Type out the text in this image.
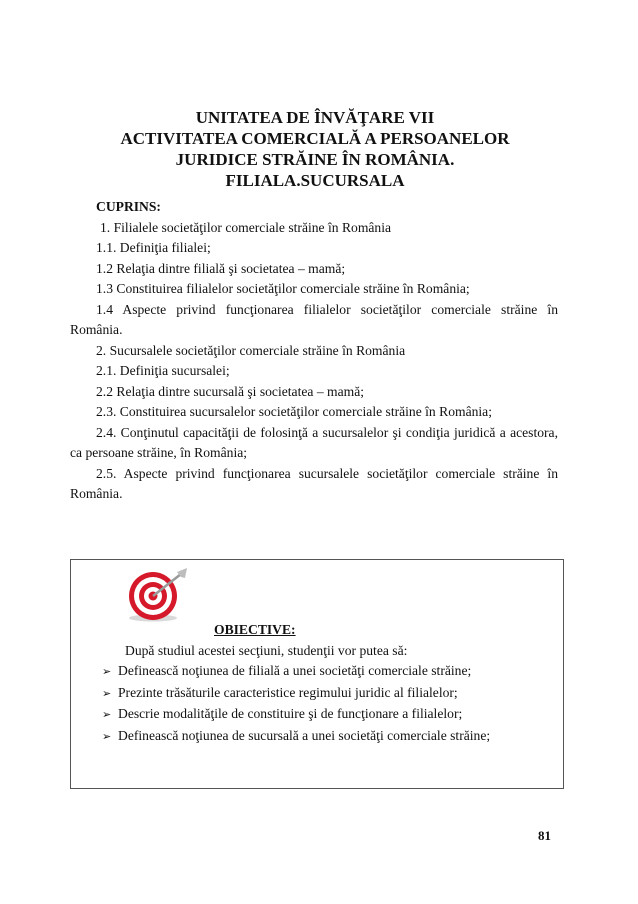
UNITATEA DE ÎNVĂŢARE VII
ACTIVITATEA COMERCIALĂ A PERSOANELOR
JURIDICE STRĂINE ÎN ROMÂNIA.
FILIALA.SUCURSALA
CUPRINS:
1. Filialele societăţilor comerciale străine în România
1.1. Definiţia filialei;
1.2 Relaţia dintre filială şi societatea – mamă;
1.3 Constituirea filialelor societăţilor comerciale străine în România;
1.4 Aspecte privind funcţionarea filialelor societăţilor comerciale străine în România.
2. Sucursalele societăţilor comerciale străine în România
2.1. Definiţia sucursalei;
2.2 Relaţia dintre sucursală şi societatea – mamă;
2.3. Constituirea sucursalelor societăţilor comerciale străine în România;
2.4. Conţinutul capacităţii de folosinţă a sucursalelor şi condiţia juridică a acestora, ca persoane străine, în România;
2.5. Aspecte privind funcţionarea sucursalele societăţilor comerciale străine în România.
OBIECTIVE:
După studiul acestei secţiuni, studenţii vor putea să:
➢ Definească noţiunea de filială a unei societăţi comerciale străine;
➢ Prezinte trăsăturile caracteristice regimului juridic al filialelor;
➢ Descrie modalităţile de constituire şi de funcţionare a filialelor;
➢ Definească noţiunea de sucursală a unei societăţi comerciale străine;
81
